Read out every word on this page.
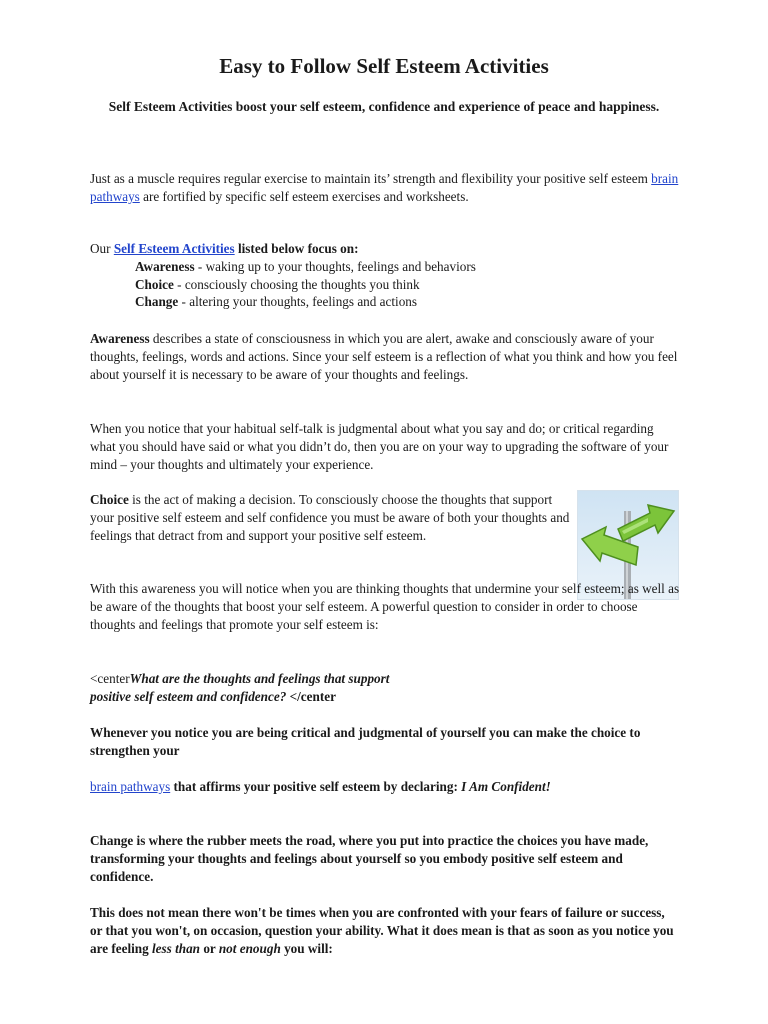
Easy to Follow Self Esteem Activities

Self Esteem Activities boost your self esteem, confidence and experience of peace and happiness.

Just as a muscle requires regular exercise to maintain its’ strength and flexibility your positive self esteem brain pathways are fortified by specific self esteem exercises and worksheets.

Our Self Esteem Activities listed below focus on:
Awareness - waking up to your thoughts, feelings and behaviors
Choice - consciously choosing the thoughts you think
Change - altering your thoughts, feelings and actions

Awareness describes a state of consciousness in which you are alert, awake and consciously aware of your thoughts, feelings, words and actions. Since your self esteem is a reflection of what you think and how you feel about yourself it is necessary to be aware of your thoughts and feelings.

When you notice that your habitual self-talk is judgmental about what you say and do; or critical regarding what you should have said or what you didn’t do, then you are on your way to upgrading the software of your mind – your thoughts and ultimately your experience.

Choice is the act of making a decision. To consciously choose the thoughts that support your positive self esteem and self confidence you must be aware of both your thoughts and feelings that detract from and support your positive self esteem.

With this awareness you will notice when you are thinking thoughts that undermine your self esteem; as well as be aware of the thoughts that boost your self esteem. A powerful question to consider in order to choose thoughts and feelings that promote your self esteem is:

<centerWhat are the thoughts and feelings that support
positive self esteem and confidence? </center

Whenever you notice you are being critical and judgmental of yourself you can make the choice to strengthen your

brain pathways that affirms your positive self esteem by declaring: I Am Confident!

Change is where the rubber meets the road, where you put into practice the choices you have made, transforming your thoughts and feelings about yourself so you embody positive self esteem and confidence.

This does not mean there won't be times when you are confronted with your fears of failure or success, or that you won't, on occasion, question your ability. What it does mean is that as soon as you notice you are feeling less than or not enough you will:
